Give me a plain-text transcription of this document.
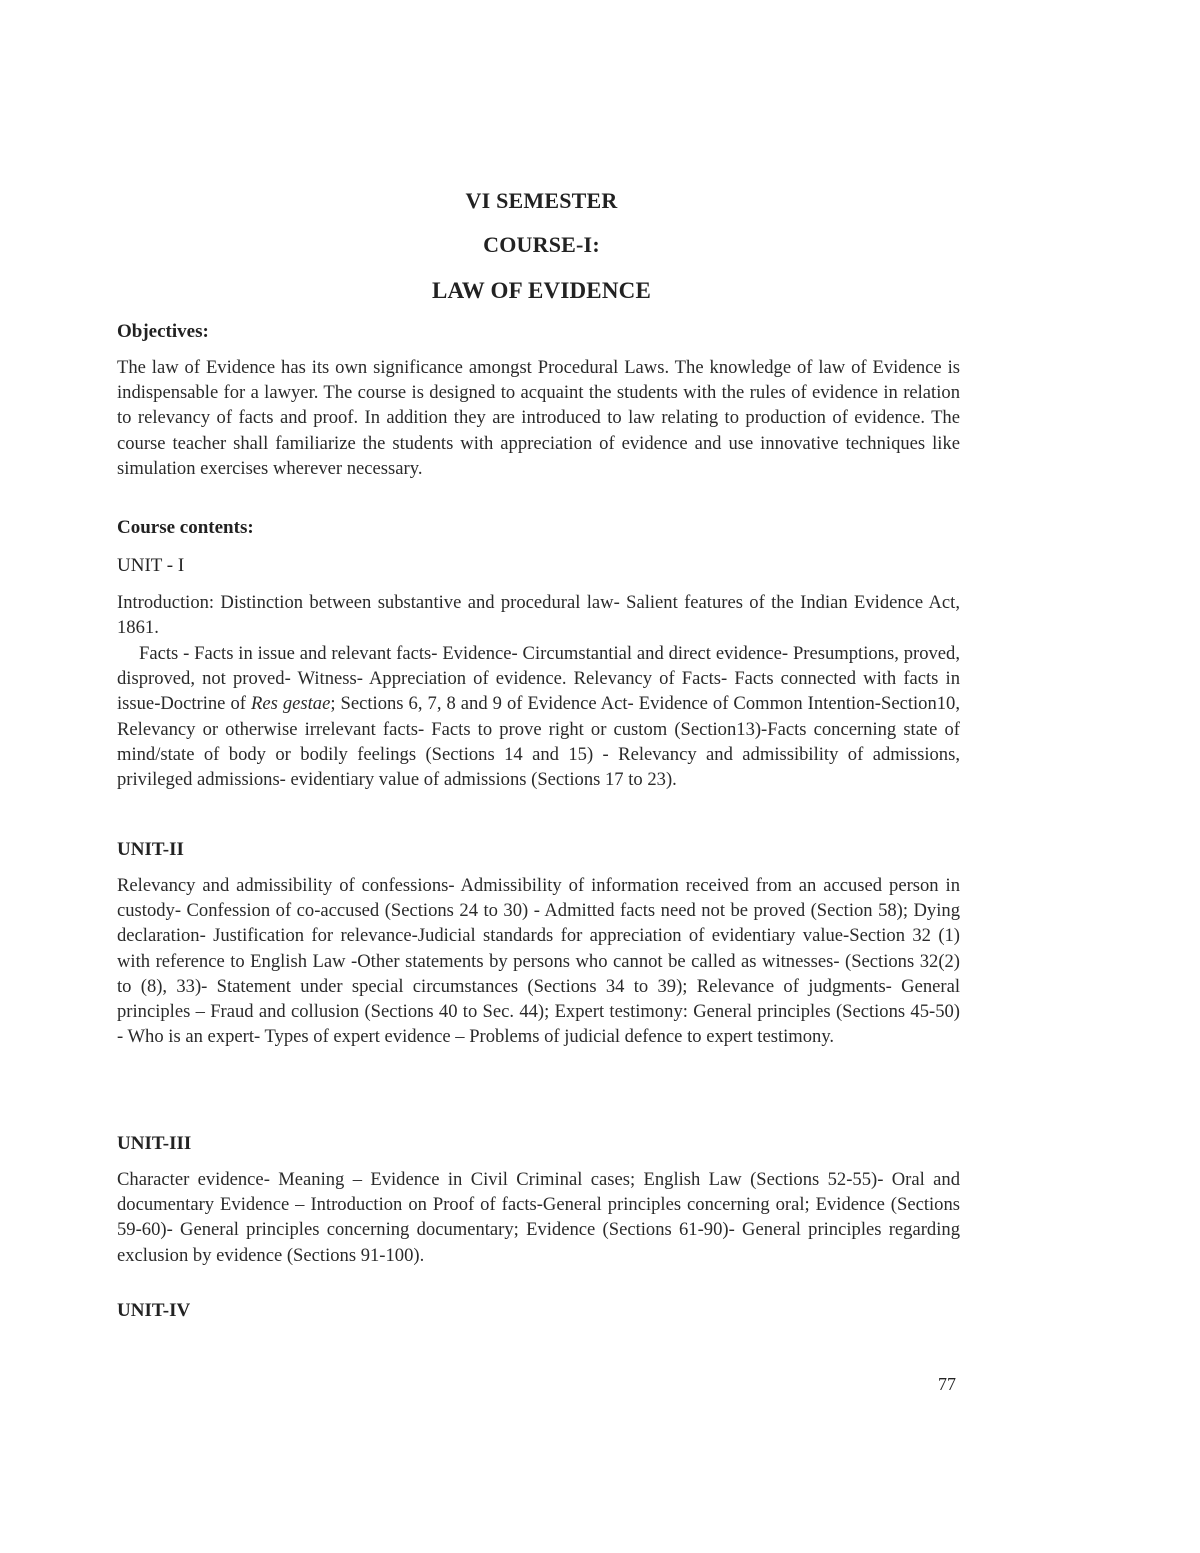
VI SEMESTER
COURSE-I:
LAW OF EVIDENCE
Objectives:
The law of Evidence has its own significance amongst Procedural Laws. The knowledge of law of Evidence is indispensable for a lawyer. The course is designed to acquaint the students with the rules of evidence in relation to relevancy of facts and proof. In addition they are introduced to law relating to production of evidence. The course teacher shall familiarize the students with appreciation of evidence and use innovative techniques like simulation exercises wherever necessary.
Course contents:
UNIT - I
Introduction: Distinction between substantive and procedural law- Salient features of the Indian Evidence Act, 1861.
Facts - Facts in issue and relevant facts- Evidence- Circumstantial and direct evidence- Presumptions, proved, disproved, not proved- Witness- Appreciation of evidence. Relevancy of Facts- Facts connected with facts in issue-Doctrine of Res gestae; Sections 6, 7, 8 and 9 of Evidence Act- Evidence of Common Intention-Section10, Relevancy or otherwise irrelevant facts- Facts to prove right or custom (Section13)-Facts concerning state of mind/state of body or bodily feelings (Sections 14 and 15) - Relevancy and admissibility of admissions, privileged admissions- evidentiary value of admissions (Sections 17 to 23).
UNIT-II
Relevancy and admissibility of confessions- Admissibility of information received from an accused person in custody- Confession of co-accused (Sections 24 to 30) - Admitted facts need not be proved (Section 58); Dying declaration- Justification for relevance-Judicial standards for appreciation of evidentiary value-Section 32 (1) with reference to English Law -Other statements by persons who cannot be called as witnesses- (Sections 32(2) to (8), 33)- Statement under special circumstances (Sections 34 to 39); Relevance of judgments- General principles – Fraud and collusion (Sections 40 to Sec. 44); Expert testimony: General principles (Sections 45-50) - Who is an expert- Types of expert evidence – Problems of judicial defence to expert testimony.
UNIT-III
Character evidence- Meaning – Evidence in Civil Criminal cases; English Law (Sections 52-55)- Oral and documentary Evidence – Introduction on Proof of facts-General principles concerning oral; Evidence (Sections 59-60)- General principles concerning documentary; Evidence (Sections 61-90)- General principles regarding exclusion by evidence (Sections 91-100).
UNIT-IV
77
